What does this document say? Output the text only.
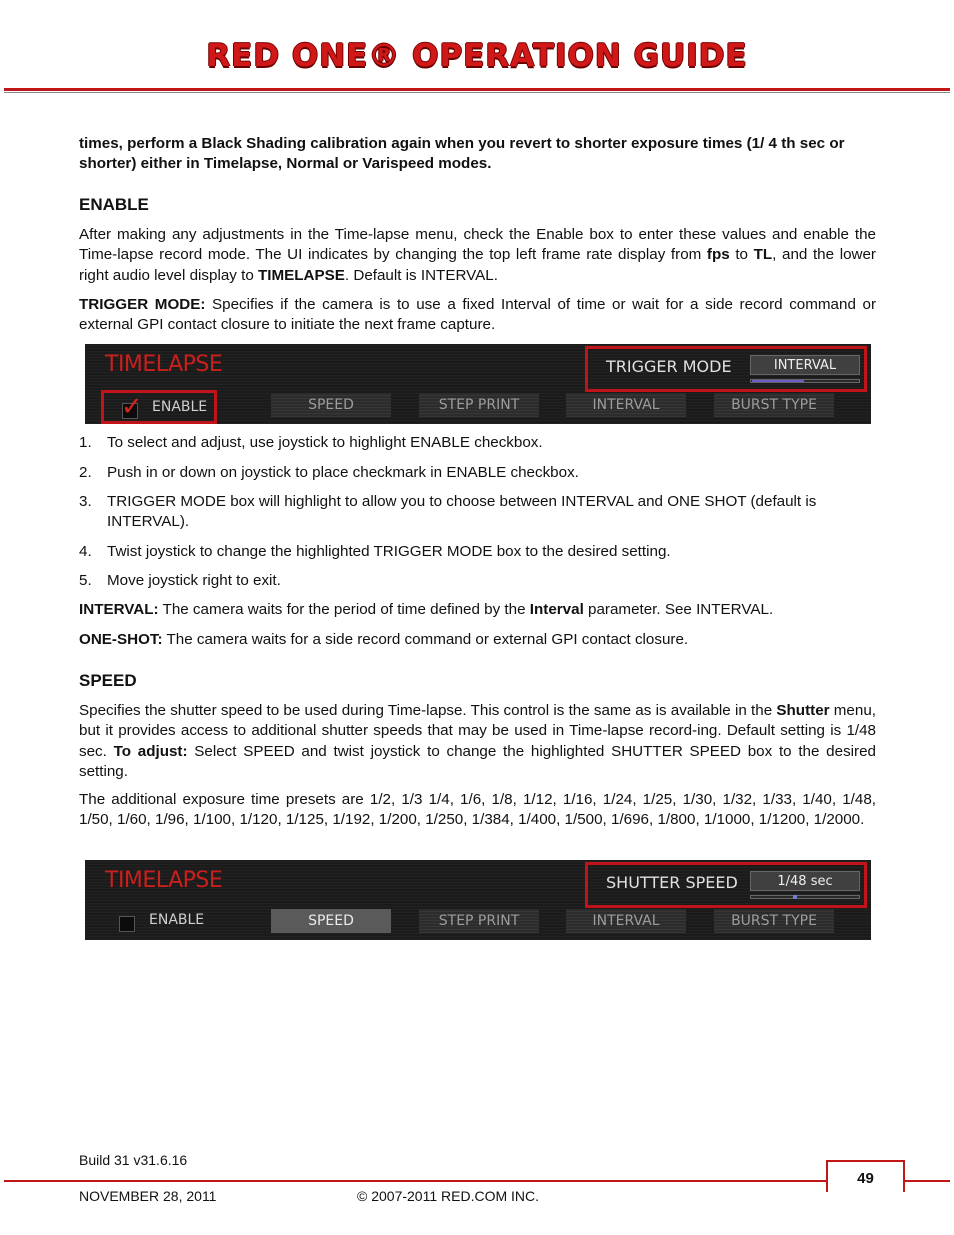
RED ONE® OPERATION GUIDE
times, perform a Black Shading calibration again when you revert to shorter exposure times (1/ 4 th sec or shorter) either in Timelapse, Normal or Varispeed modes.
ENABLE
After making any adjustments in the Time-lapse menu, check the Enable box to enter these values and enable the Time-lapse record mode. The UI indicates by changing the top left frame rate display from fps to TL, and the lower right audio level display to TIMELAPSE. Default is INTERVAL.
TRIGGER MODE: Specifies if the camera is to use a fixed Interval of time or wait for a side record command or external GPI contact closure to initiate the next frame capture.
TIMELAPSE
✓ ENABLE	SPEED	STEP PRINT	INTERVAL	BURST TYPE
TRIGGER MODE	INTERVAL
1. To select and adjust, use joystick to highlight ENABLE checkbox.
2. Push in or down on joystick to place checkmark in ENABLE checkbox.
3. TRIGGER MODE box will highlight to allow you to choose between INTERVAL and ONE SHOT (default is INTERVAL).
4. Twist joystick to change the highlighted TRIGGER MODE box to the desired setting.
5. Move joystick right to exit.
INTERVAL: The camera waits for the period of time defined by the Interval parameter. See INTERVAL.
ONE-SHOT: The camera waits for a side record command or external GPI contact closure.
SPEED
Specifies the shutter speed to be used during Time-lapse. This control is the same as is available in the Shutter menu, but it provides access to additional shutter speeds that may be used in Time-lapse record-ing. Default setting is 1/48 sec. To adjust: Select SPEED and twist joystick to change the highlighted SHUTTER SPEED box to the desired setting.
The additional exposure time presets are 1/2, 1/3 1/4, 1/6, 1/8, 1/12, 1/16, 1/24, 1/25, 1/30, 1/32, 1/33, 1/40, 1/48, 1/50, 1/60, 1/96, 1/100, 1/120, 1/125, 1/192, 1/200, 1/250, 1/384, 1/400, 1/500, 1/696, 1/800, 1/1000, 1/1200, 1/2000.
TIMELAPSE
ENABLE	SPEED	STEP PRINT	INTERVAL	BURST TYPE
SHUTTER SPEED	1/48 sec
Build 31 v31.6.16
49
NOVEMBER 28, 2011	© 2007-2011 RED.COM INC.
